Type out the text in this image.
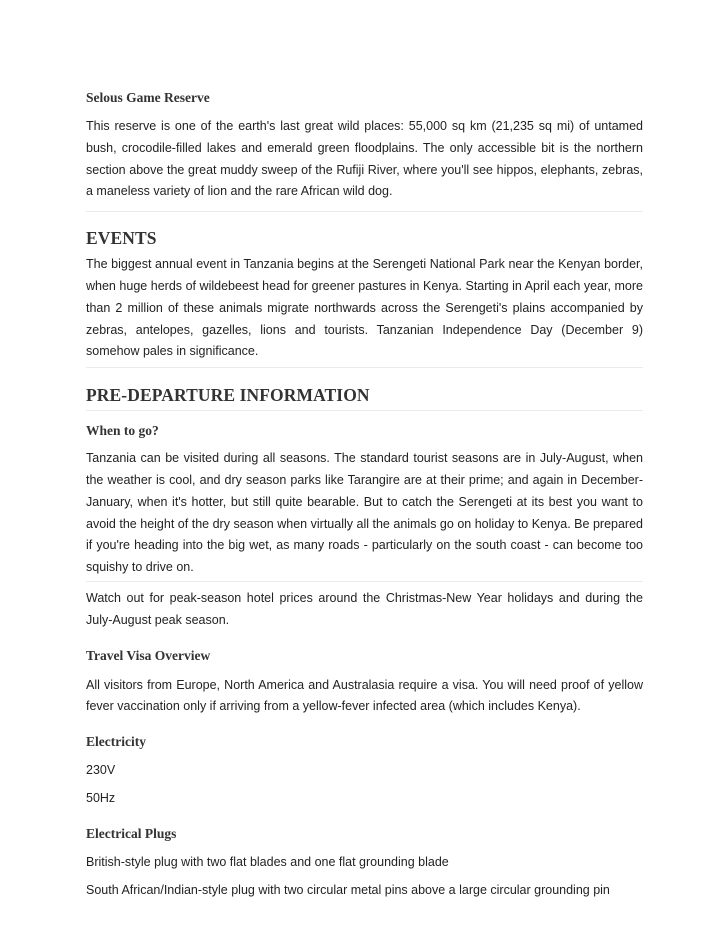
Selous Game Reserve

This reserve is one of the earth's last great wild places: 55,000 sq km (21,235 sq mi) of untamed bush, crocodile-filled lakes and emerald green floodplains. The only accessible bit is the northern section above the great muddy sweep of the Rufiji River, where you'll see hippos, elephants, zebras, a maneless variety of lion and the rare African wild dog.

EVENTS

The biggest annual event in Tanzania begins at the Serengeti National Park near the Kenyan border, when huge herds of wildebeest head for greener pastures in Kenya. Starting in April each year, more than 2 million of these animals migrate northwards across the Serengeti's plains accompanied by zebras, antelopes, gazelles, lions and tourists. Tanzanian Independence Day (December 9) somehow pales in significance.

PRE-DEPARTURE INFORMATION
When to go?

Tanzania can be visited during all seasons. The standard tourist seasons are in July-August, when the weather is cool, and dry season parks like Tarangire are at their prime; and again in December-January, when it's hotter, but still quite bearable. But to catch the Serengeti at its best you want to avoid the height of the dry season when virtually all the animals go on holiday to Kenya. Be prepared if you're heading into the big wet, as many roads - particularly on the south coast - can become too squishy to drive on.

Watch out for peak-season hotel prices around the Christmas-New Year holidays and during the July-August peak season.

Travel Visa Overview

All visitors from Europe, North America and Australasia require a visa. You will need proof of yellow fever vaccination only if arriving from a yellow-fever infected area (which includes Kenya).

Electricity

230V

50Hz

Electrical Plugs

British-style plug with two flat blades and one flat grounding blade

South African/Indian-style plug with two circular metal pins above a large circular grounding pin
